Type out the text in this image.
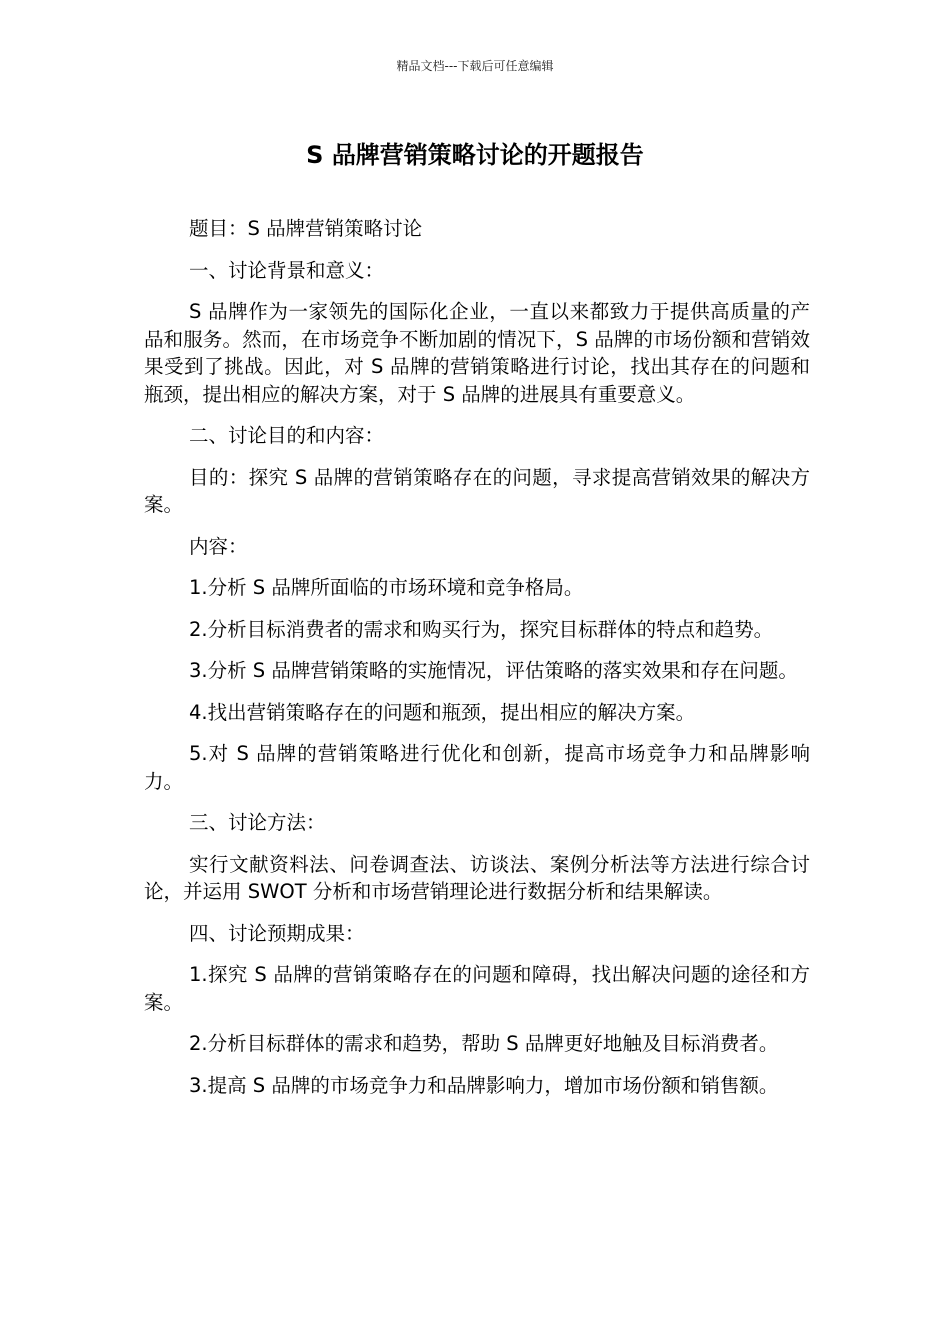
精品文档---下载后可任意编辑
S 品牌营销策略讨论的开题报告

题目：S 品牌营销策略讨论

一、讨论背景和意义：

S 品牌作为一家领先的国际化企业，一直以来都致力于提供高质量的产品和服务。然而，在市场竞争不断加剧的情况下，S 品牌的市场份额和营销效果受到了挑战。因此，对 S 品牌的营销策略进行讨论，找出其存在的问题和瓶颈，提出相应的解决方案，对于 S 品牌的进展具有重要意义。

二、讨论目的和内容：

目的：探究 S 品牌的营销策略存在的问题，寻求提高营销效果的解决方案。

内容：

1.分析 S 品牌所面临的市场环境和竞争格局。

2.分析目标消费者的需求和购买行为，探究目标群体的特点和趋势。

3.分析 S 品牌营销策略的实施情况，评估策略的落实效果和存在问题。

4.找出营销策略存在的问题和瓶颈，提出相应的解决方案。

5.对 S 品牌的营销策略进行优化和创新，提高市场竞争力和品牌影响力。

三、讨论方法：

实行文献资料法、问卷调查法、访谈法、案例分析法等方法进行综合讨论，并运用 SWOT 分析和市场营销理论进行数据分析和结果解读。

四、讨论预期成果：

1.探究 S 品牌的营销策略存在的问题和障碍，找出解决问题的途径和方案。

2.分析目标群体的需求和趋势，帮助 S 品牌更好地触及目标消费者。

3.提高 S 品牌的市场竞争力和品牌影响力，增加市场份额和销售额。
